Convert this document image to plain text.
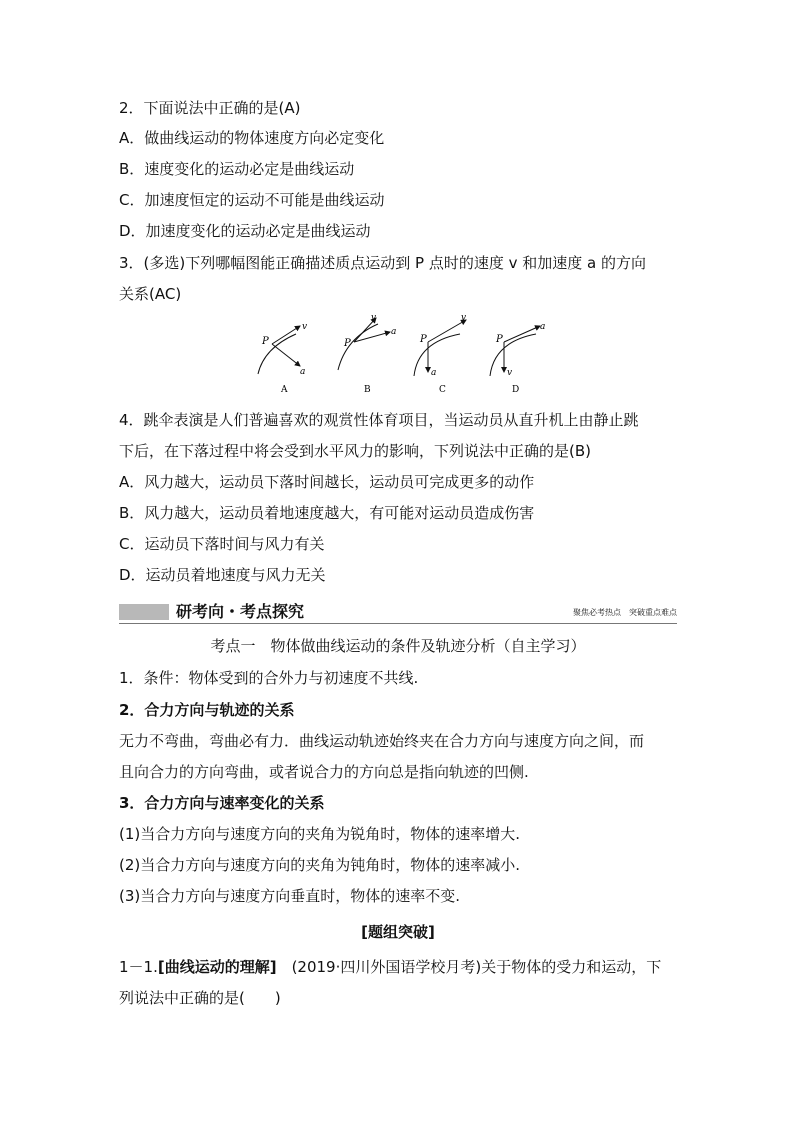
2．下面说法中正确的是(A)
A．做曲线运动的物体速度方向必定变化
B．速度变化的运动必定是曲线运动
C．加速度恒定的运动不可能是曲线运动
D．加速度变化的运动必定是曲线运动
3．(多选)下列哪幅图能正确描述质点运动到 P 点时的速度 v 和加速度 a 的方向
关系(AC)
P
v
a
A
P
v
a
B
P
v
a
C
P
a
v
D
4．跳伞表演是人们普遍喜欢的观赏性体育项目，当运动员从直升机上由静止跳
下后，在下落过程中将会受到水平风力的影响，下列说法中正确的是(B)
A．风力越大，运动员下落时间越长，运动员可完成更多的动作
B．风力越大，运动员着地速度越大，有可能对运动员造成伤害
C．运动员下落时间与风力有关
D．运动员着地速度与风力无关
研考向・考点探究	聚焦必考热点　突破重点难点
考点一　物体做曲线运动的条件及轨迹分析（自主学习）
1．条件：物体受到的合外力与初速度不共线.
2．合力方向与轨迹的关系
无力不弯曲，弯曲必有力．曲线运动轨迹始终夹在合力方向与速度方向之间，而
且向合力的方向弯曲，或者说合力的方向总是指向轨迹的凹侧.
3．合力方向与速率变化的关系
(1)当合力方向与速度方向的夹角为锐角时，物体的速率增大.
(2)当合力方向与速度方向的夹角为钝角时，物体的速率减小.
(3)当合力方向与速度方向垂直时，物体的速率不变.
[题组突破]
1－1.[曲线运动的理解]　(2019·四川外国语学校月考)关于物体的受力和运动，下
列说法中正确的是(　　)
